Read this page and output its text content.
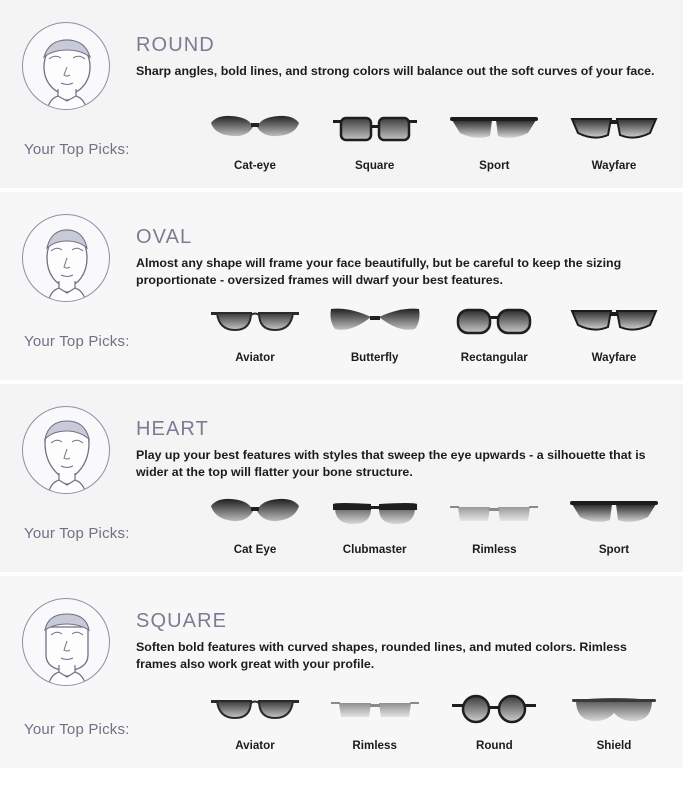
ROUND
Sharp angles, bold lines, and strong colors will balance out the soft curves of your face.
Your Top Picks:
Cat-eye	Square	Sport	Wayfare
OVAL
Almost any shape will frame your face beautifully, but be careful to keep the sizing proportionate - oversized frames will dwarf your best features.
Your Top Picks:
Aviator	Butterfly	Rectangular	Wayfare
HEART
Play up your best features with styles that sweep the eye upwards - a silhouette that is wider at the top will flatter your bone structure.
Your Top Picks:
Cat Eye	Clubmaster	Rimless	Sport
SQUARE
Soften bold features with curved shapes, rounded lines, and muted colors. Rimless frames also work great with your profile.
Your Top Picks:
Aviator	Rimless	Round	Shield
